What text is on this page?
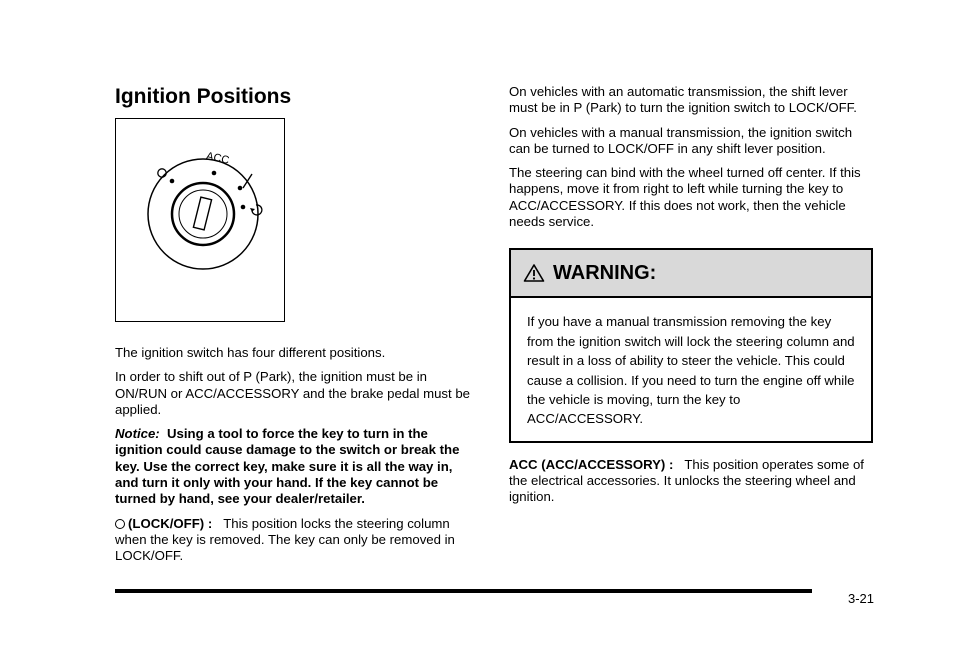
Ignition Positions
ACC

The ignition switch has four different positions.

In order to shift out of P (Park), the ignition must be in ON/RUN or ACC/ACCESSORY and the brake pedal must be applied.

Notice: Using a tool to force the key to turn in the ignition could cause damage to the switch or break the key. Use the correct key, make sure it is all the way in, and turn it only with your hand. If the key cannot be turned by hand, see your dealer/retailer.

(LOCK/OFF) : This position locks the steering column when the key is removed. The key can only be removed in LOCK/OFF.

On vehicles with an automatic transmission, the shift lever must be in P (Park) to turn the ignition switch to LOCK/OFF.

On vehicles with a manual transmission, the ignition switch can be turned to LOCK/OFF in any shift lever position.

The steering can bind with the wheel turned off center. If this happens, move it from right to left while turning the key to ACC/ACCESSORY. If this does not work, then the vehicle needs service.

WARNING:
If you have a manual transmission removing the key from the ignition switch will lock the steering column and result in a loss of ability to steer the vehicle. This could cause a collision. If you need to turn the engine off while the vehicle is moving, turn the key to ACC/ACCESSORY.

ACC (ACC/ACCESSORY) : This position operates some of the electrical accessories. It unlocks the steering wheel and ignition.

3-21
